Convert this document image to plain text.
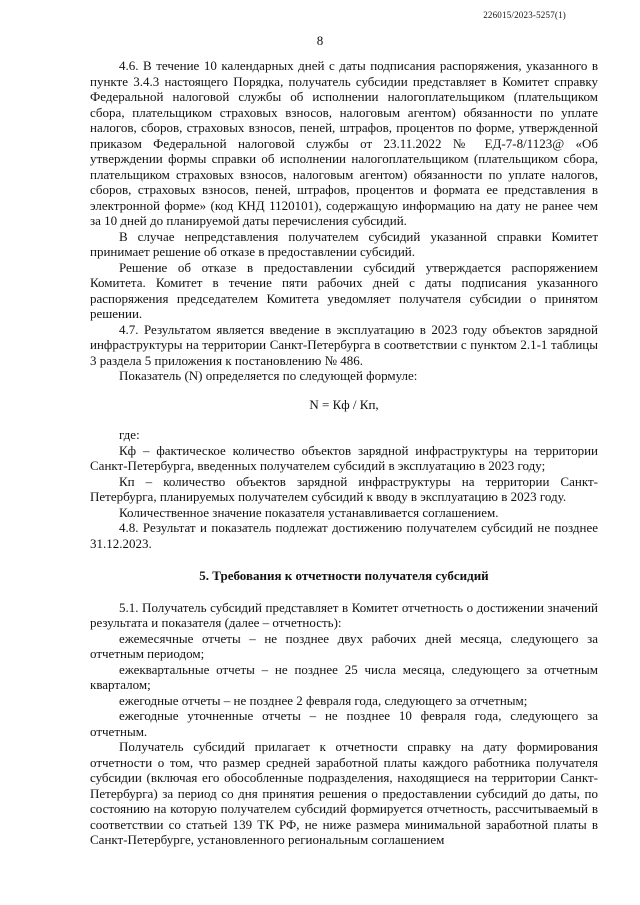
226015/2023-5257(1)
8

4.6. В течение 10 календарных дней с даты подписания распоряжения, указанного в пункте 3.4.3 настоящего Порядка, получатель субсидии представляет в Комитет справку Федеральной налоговой службы об исполнении налогоплательщиком (плательщиком сбора, плательщиком страховых взносов, налоговым агентом) обязанности по уплате налогов, сборов, страховых взносов, пеней, штрафов, процентов по форме, утвержденной приказом Федеральной налоговой службы от 23.11.2022 № ЕД-7-8/1123@ «Об утверждении формы справки об исполнении налогоплательщиком (плательщиком сбора, плательщиком страховых взносов, налоговым агентом) обязанности по уплате налогов, сборов, страховых взносов, пеней, штрафов, процентов и формата ее представления в электронной форме» (код КНД 1120101), содержащую информацию на дату не ранее чем за 10 дней до планируемой даты перечисления субсидий.

В случае непредставления получателем субсидий указанной справки Комитет принимает решение об отказе в предоставлении субсидий.

Решение об отказе в предоставлении субсидий утверждается распоряжением Комитета. Комитет в течение пяти рабочих дней с даты подписания указанного распоряжения председателем Комитета уведомляет получателя субсидии о принятом решении.

4.7. Результатом является введение в эксплуатацию в 2023 году объектов зарядной инфраструктуры на территории Санкт-Петербурга в соответствии с пунктом 2.1-1 таблицы 3 раздела 5 приложения к постановлению № 486.

Показатель (N) определяется по следующей формуле:

N = Кф / Кп,

где:

Кф – фактическое количество объектов зарядной инфраструктуры на территории Санкт-Петербурга, введенных получателем субсидий в эксплуатацию в 2023 году;

Кп – количество объектов зарядной инфраструктуры на территории Санкт-Петербурга, планируемых получателем субсидий к вводу в эксплуатацию в 2023 году.

Количественное значение показателя устанавливается соглашением.

4.8. Результат и показатель подлежат достижению получателем субсидий не позднее 31.12.2023.

5. Требования к отчетности получателя субсидий

5.1. Получатель субсидий представляет в Комитет отчетность о достижении значений результата и показателя (далее – отчетность):

ежемесячные отчеты – не позднее двух рабочих дней месяца, следующего за отчетным периодом;

ежеквартальные отчеты – не позднее 25 числа месяца, следующего за отчетным кварталом;

ежегодные отчеты – не позднее 2 февраля года, следующего за отчетным;

ежегодные уточненные отчеты – не позднее 10 февраля года, следующего за отчетным.

Получатель субсидий прилагает к отчетности справку на дату формирования отчетности о том, что размер средней заработной платы каждого работника получателя субсидии (включая его обособленные подразделения, находящиеся на территории Санкт-Петербурга) за период со дня принятия решения о предоставлении субсидий до даты, по состоянию на которую получателем субсидий формируется отчетность, рассчитываемый в соответствии со статьей 139 ТК РФ, не ниже размера минимальной заработной платы в Санкт-Петербурге, установленного региональным соглашением
